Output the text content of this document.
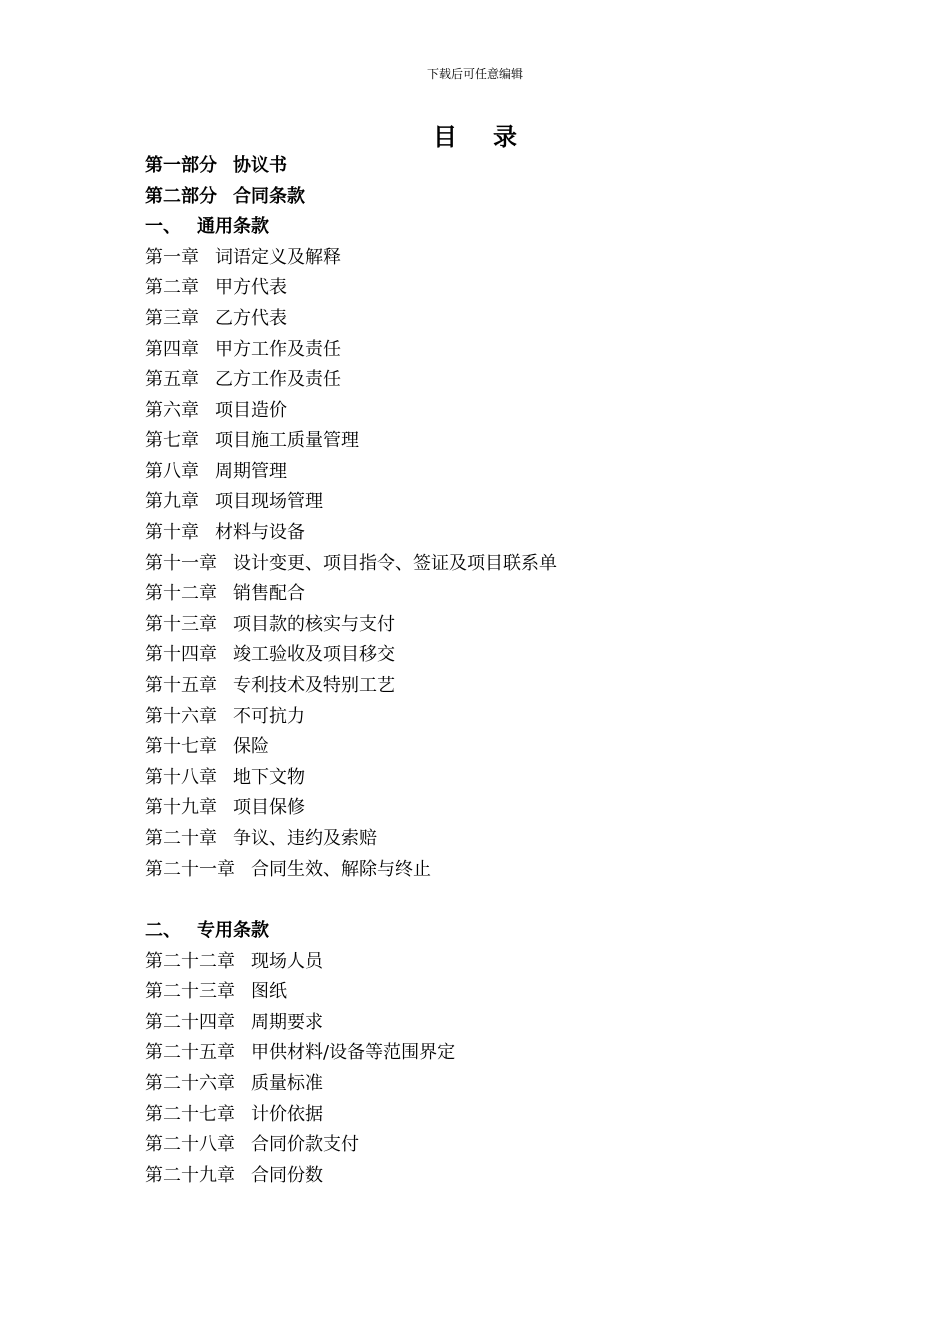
下载后可任意编辑
目 录
第一部分 协议书
第二部分 合同条款
一、 通用条款
第一章 词语定义及解释
第二章 甲方代表
第三章 乙方代表
第四章 甲方工作及责任
第五章 乙方工作及责任
第六章 项目造价
第七章 项目施工质量管理
第八章 周期管理
第九章 项目现场管理
第十章 材料与设备
第十一章 设计变更、项目指令、签证及项目联系单
第十二章 销售配合
第十三章 项目款的核实与支付
第十四章 竣工验收及项目移交
第十五章 专利技术及特别工艺
第十六章 不可抗力
第十七章 保险
第十八章 地下文物
第十九章 项目保修
第二十章 争议、违约及索赔
第二十一章 合同生效、解除与终止
二、 专用条款
第二十二章 现场人员
第二十三章 图纸
第二十四章 周期要求
第二十五章 甲供材料/设备等范围界定
第二十六章 质量标准
第二十七章 计价依据
第二十八章 合同价款支付
第二十九章 合同份数
